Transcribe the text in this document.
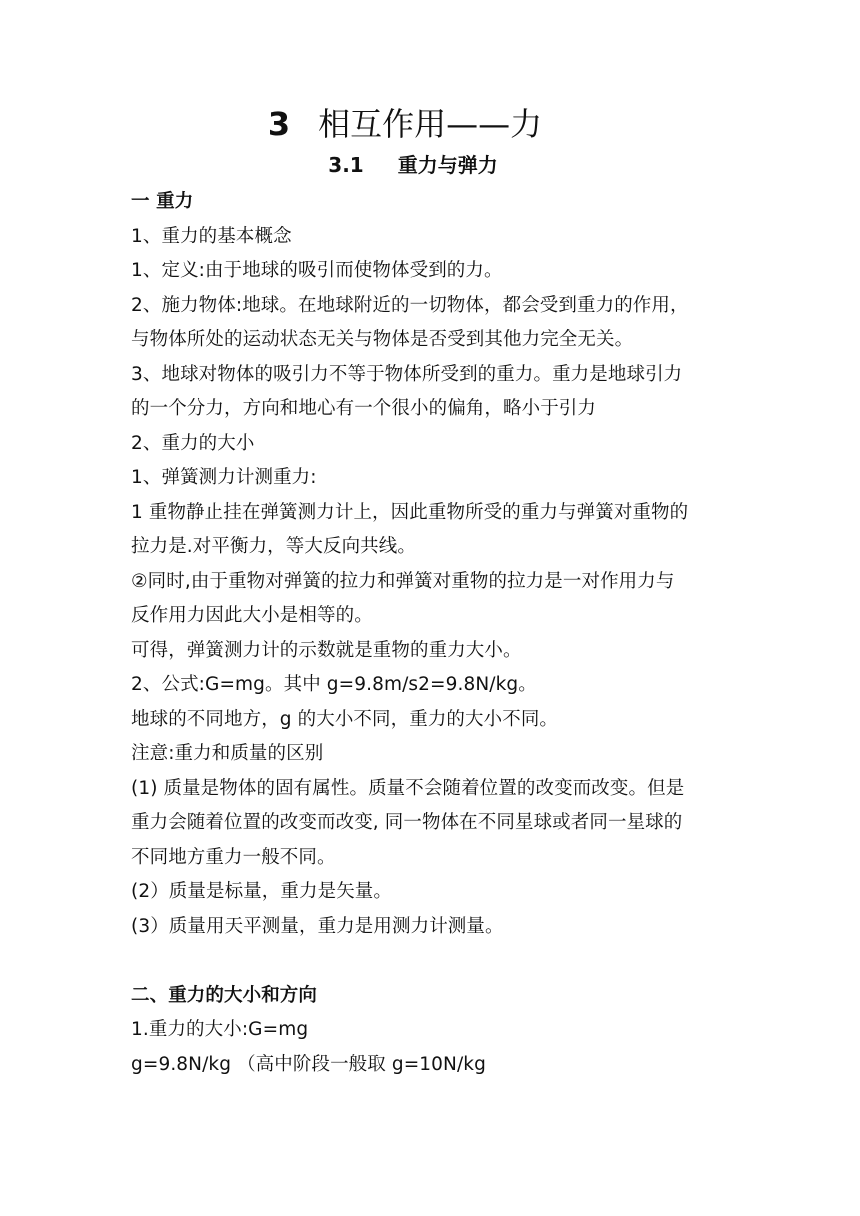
3 相互作用——力
3.1 重力与弹力
一 重力
1、重力的基本概念
1、定义:由于地球的吸引而使物体受到的力。
2、施力物体:地球。在地球附近的一切物体，都会受到重力的作用，
与物体所处的运动状态无关与物体是否受到其他力完全无关。
3、地球对物体的吸引力不等于物体所受到的重力。重力是地球引力
的一个分力，方向和地心有一个很小的偏角，略小于引力
2、重力的大小
1、弹簧测力计测重力:
1 重物静止挂在弹簧测力计上，因此重物所受的重力与弹簧对重物的
拉力是.对平衡力，等大反向共线。
②同时,由于重物对弹簧的拉力和弹簧对重物的拉力是一对作用力与
反作用力因此大小是相等的。
可得，弹簧测力计的示数就是重物的重力大小。
2、公式:G=mg。其中 g=9.8m/s2=9.8N/kg。
地球的不同地方，g 的大小不同，重力的大小不同。
注意:重力和质量的区别
(1) 质量是物体的固有属性。质量不会随着位置的改变而改变。但是
重力会随着位置的改变而改变, 同一物体在不同星球或者同一星球的
不同地方重力一般不同。
(2）质量是标量，重力是矢量。
(3）质量用天平测量，重力是用测力计测量。
二、重力的大小和方向
1.重力的大小:G=mg
g=9.8N/kg （高中阶段一般取 g=10N/kg
